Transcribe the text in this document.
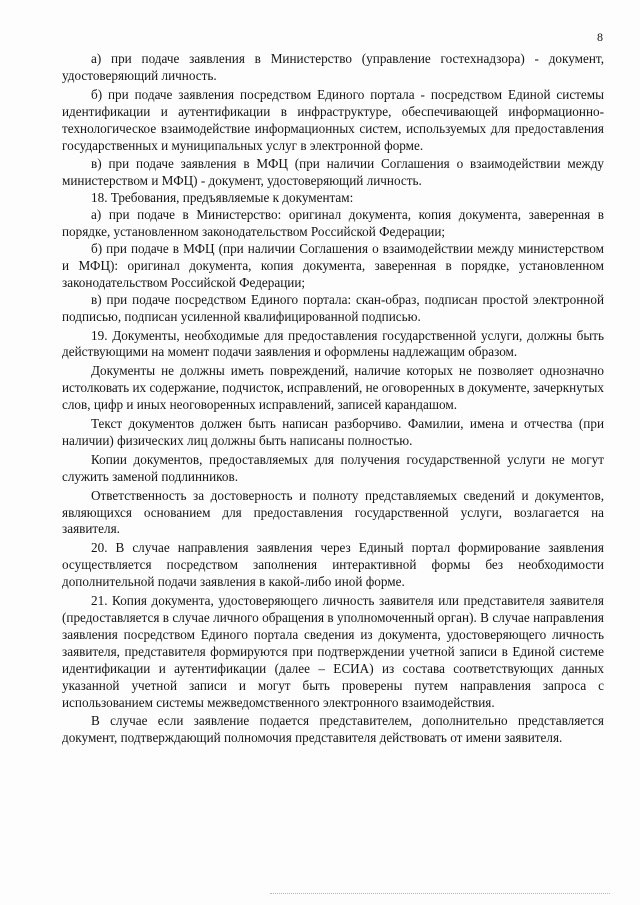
8

а) при подаче заявления в Министерство (управление гостехнадзора) - документ, удостоверяющий личность.

б) при подаче заявления посредством Единого портала - посредством Единой системы идентификации и аутентификации в инфраструктуре, обеспечивающей информационно-технологическое взаимодействие информационных систем, используемых для предоставления государственных и муниципальных услуг в электронной форме.

в) при подаче заявления в МФЦ (при наличии Соглашения о взаимодействии между министерством и МФЦ) - документ, удостоверяющий личность.

18. Требования, предъявляемые к документам:

а) при подаче в Министерство: оригинал документа, копия документа, заверенная в порядке, установленном законодательством Российской Федерации;

б) при подаче в МФЦ (при наличии Соглашения о взаимодействии между министерством и МФЦ): оригинал документа, копия документа, заверенная в порядке, установленном законодательством Российской Федерации;

в) при подаче посредством Единого портала: скан-образ, подписан простой электронной подписью, подписан усиленной квалифицированной подписью.

19. Документы, необходимые для предоставления государственной услуги, должны быть действующими на момент подачи заявления и оформлены надлежащим образом.

Документы не должны иметь повреждений, наличие которых не позволяет однозначно истолковать их содержание, подчисток, исправлений, не оговоренных в документе, зачеркнутых слов, цифр и иных неоговоренных исправлений, записей карандашом.

Текст документов должен быть написан разборчиво. Фамилии, имена и отчества (при наличии) физических лиц должны быть написаны полностью.

Копии документов, предоставляемых для получения государственной услуги не могут служить заменой подлинников.

Ответственность за достоверность и полноту представляемых сведений и документов, являющихся основанием для предоставления государственной услуги, возлагается на заявителя.

20. В случае направления заявления через Единый портал формирование заявления осуществляется посредством заполнения интерактивной формы без необходимости дополнительной подачи заявления в какой-либо иной форме.

21. Копия документа, удостоверяющего личность заявителя или представителя заявителя (предоставляется в случае личного обращения в уполномоченный орган). В случае направления заявления посредством Единого портала сведения из документа, удостоверяющего личность заявителя, представителя формируются при подтверждении учетной записи в Единой системе идентификации и аутентификации (далее – ЕСИА) из состава соответствующих данных указанной учетной записи и могут быть проверены путем направления запроса с использованием системы межведомственного электронного взаимодействия.

В случае если заявление подается представителем, дополнительно представляется документ, подтверждающий полномочия представителя действовать от имени заявителя.
